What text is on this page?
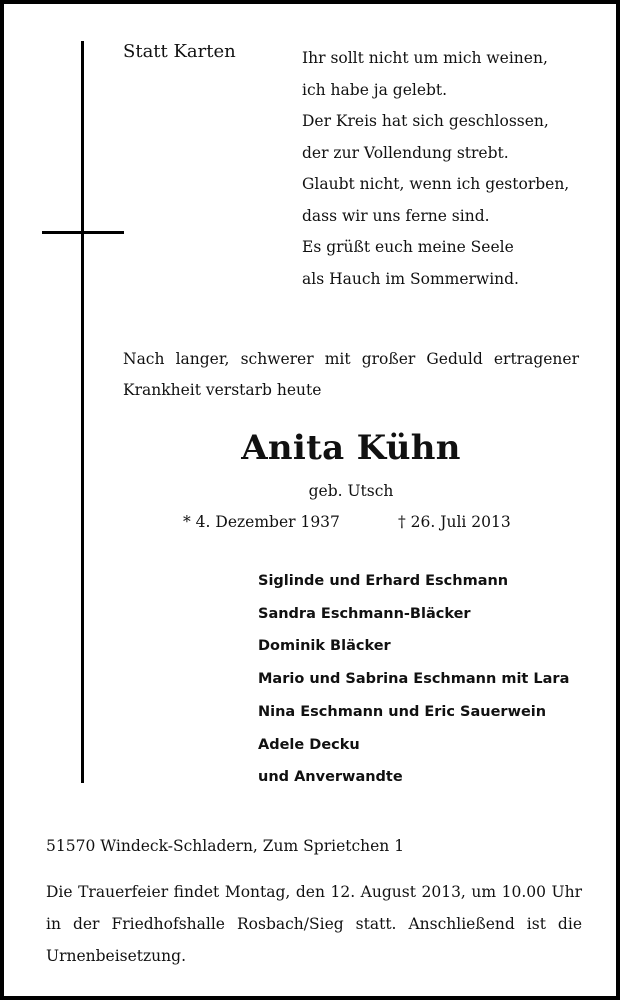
Statt Karten	Ihr sollt nicht um mich weinen,
ich habe ja gelebt.
Der Kreis hat sich geschlossen,
der zur Vollendung strebt.
Glaubt nicht, wenn ich gestorben,
dass wir uns ferne sind.
Es grüßt euch meine Seele
als Hauch im Sommerwind.
Nach langer, schwerer mit großer Geduld ertragener
Krankheit verstarb heute
Anita Kühn
geb. Utsch
* 4. Dezember 1937	† 26. Juli 2013
Siglinde und Erhard Eschmann
Sandra Eschmann-Bläcker
Dominik Bläcker
Mario und Sabrina Eschmann mit Lara
Nina Eschmann und Eric Sauerwein
Adele Decku
und Anverwandte
51570 Windeck-Schladern, Zum Sprietchen 1
Die Trauerfeier findet Montag, den 12. August 2013, um 10.00 Uhr
in der Friedhofshalle Rosbach/Sieg statt. Anschließend ist die
Urnenbeisetzung.
